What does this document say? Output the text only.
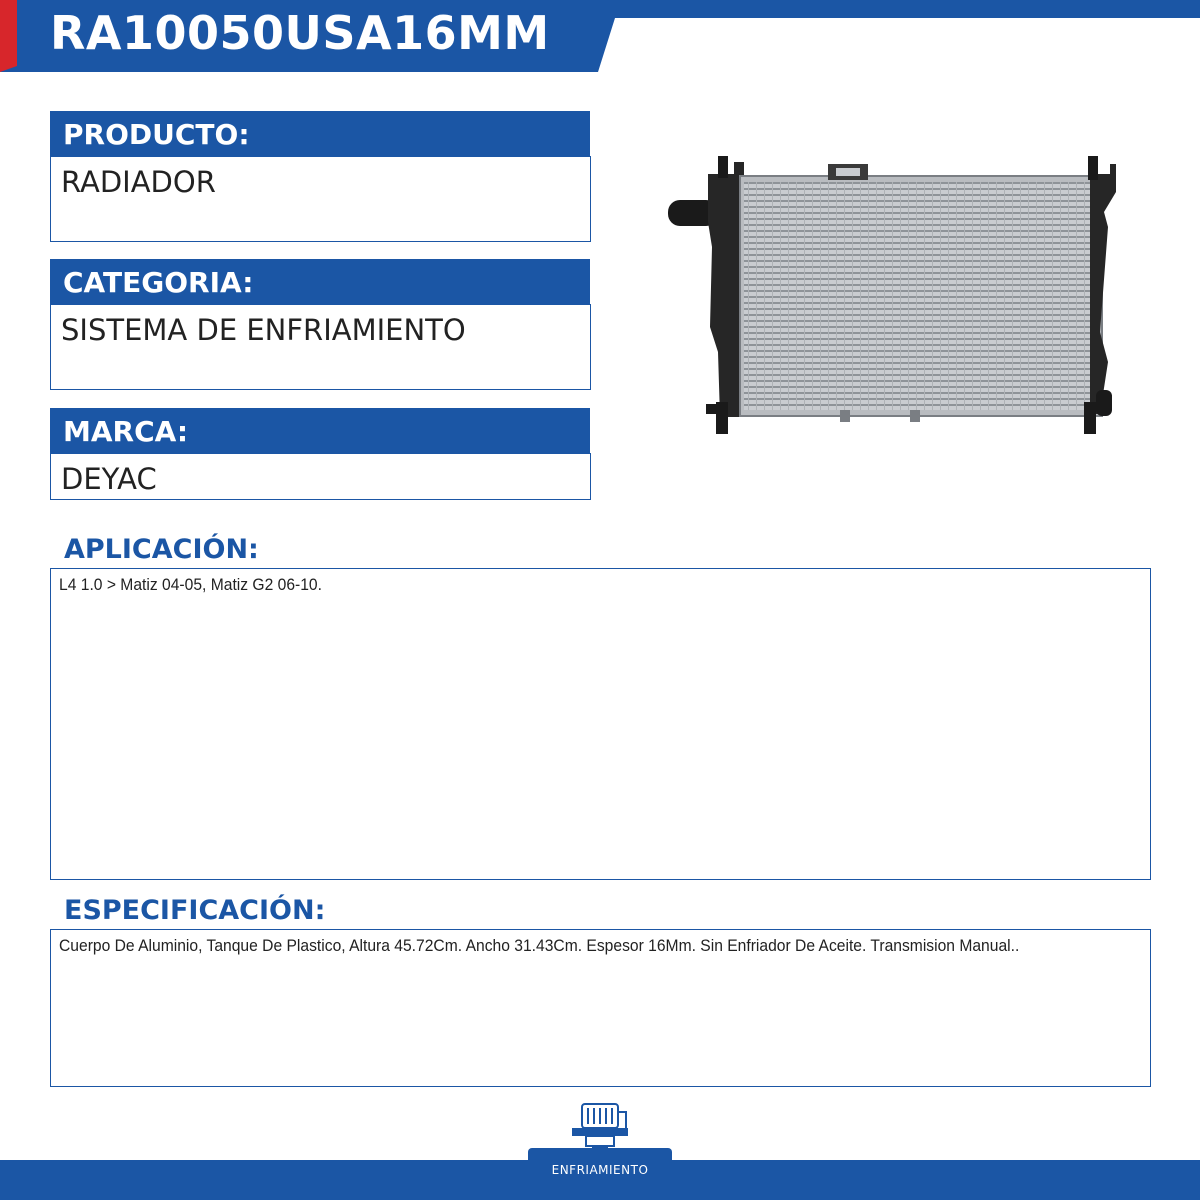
RA10050USA16MM
PRODUCTO:
RADIADOR
CATEGORIA:
SISTEMA DE ENFRIAMIENTO
MARCA:
DEYAC
APLICACIÓN:
L4 1.0 > Matiz 04-05, Matiz G2 06-10.
ESPECIFICACIÓN:
Cuerpo De Aluminio, Tanque De Plastico, Altura 45.72Cm. Ancho 31.43Cm. Espesor 16Mm. Sin Enfriador De Aceite. Transmision Manual..
ENFRIAMIENTO
